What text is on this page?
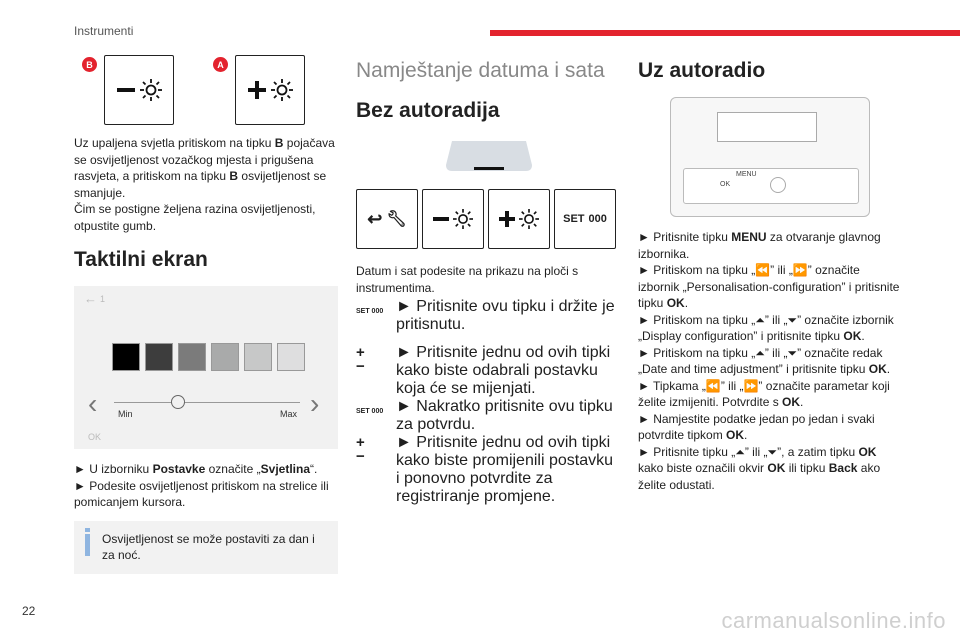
Instrumenti
B	A

Uz upaljena svjetla pritiskom na tipku B pojačava se osvijetljenost vozačkog mjesta i prigušena rasvjeta, a pritiskom na tipku B osvijetljenost se smanjuje.

Čim se postigne željena razina osvijetljenosti, otpustite gumb.

Taktilni ekran
← 1
‹	›
Min	Max
OK

► U izborniku Postavke označite „Svjetlina“.

► Podesite osvijetljenost pritiskom na strelice ili pomicanjem kursora.

Osvijetljenost se može postaviti za dan i za noć.
Namještanje datuma i sata
Bez autoradija
↩ 🔧︎	SET 000

Datum i sat podesite na prikazu na ploči s instrumentima.

SET 000 ► Pritisnite ovu tipku i držite je pritisnutu.
+
−
► Pritisnite jednu od ovih tipki kako biste odabrali postavku koja će se mijenjati.
SET 000 ► Nakratko pritisnite ovu tipku za potvrdu.
+
−
► Pritisnite jednu od ovih tipki kako biste promijenili postavku i ponovno potvrdite za registriranje promjene.
Uz autoradio
MENU
OK

► Pritisnite tipku MENU za otvaranje glavnog izbornika.

► Pritiskom na tipku „⏪” ili „⏩” označite izbornik „Personalisation-configuration” i pritisnite tipku OK.

► Pritiskom na tipku „⏶” ili „⏷” označite izbornik „Display configuration” i pritisnite tipku OK.

► Pritiskom na tipku „⏶” ili „⏷” označite redak „Date and time adjustment” i pritisnite tipku OK.

► Tipkama „⏪” ili „⏩” označite parametar koji želite izmijeniti. Potvrdite s OK.

► Namjestite podatke jedan po jedan i svaki potvrdite tipkom OK.

► Pritisnite tipku „⏶” ili „⏷”, a zatim tipku OK kako biste označili okvir OK ili tipku Back ako želite odustati.

22	carmanualsonline.info
